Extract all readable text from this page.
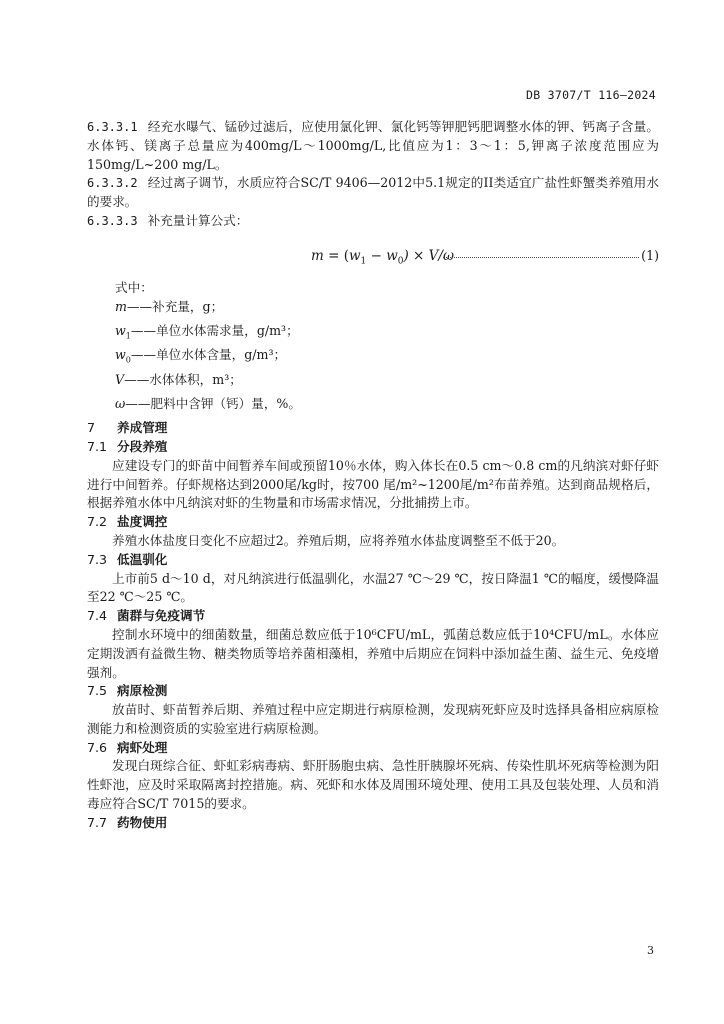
DB 3707/T 116—2024

6.3.3.1 经充水曝气、锰砂过滤后，应使用氯化钾、氯化钙等钾肥钙肥调整水体的钾、钙离子含量。水体钙、镁离子总量应为400mg/L～1000mg/L,比值应为1：3～1：5,钾离子浓度范围应为150mg/L~200 mg/L。

6.3.3.2 经过离子调节，水质应符合SC/T 9406—2012中5.1规定的II类适宜广盐性虾蟹类养殖用水的要求。

6.3.3.3 补充量计算公式：

$m = (w_1 - w_0) \times V/\omega$	(1)

式中：

m——补充量，g；

$w_1——$单位水体需求量，g/m³；

$w_0——$单位水体含量，g/m³；

V——水体体积，m³；

ω——肥料中含钾（钙）量，%。

7 养成管理

7.1 分段养殖

应建设专门的虾苗中间暂养车间或预留10％水体，购入体长在0.5 cm～0.8 cm的凡纳滨对虾仔虾进行中间暂养。仔虾规格达到2000尾/kg时，按700 尾/m²~1200尾/m²布苗养殖。达到商品规格后，根据养殖水体中凡纳滨对虾的生物量和市场需求情况，分批捕捞上市。

7.2 盐度调控

养殖水体盐度日变化不应超过2。养殖后期，应将养殖水体盐度调整至不低于20。

7.3 低温驯化

上市前5 d～10 d，对凡纳滨进行低温驯化，水温27 ℃～29 ℃，按日降温1 ℃的幅度，缓慢降温至22 ℃～25 ℃。

7.4 菌群与免疫调节

控制水环境中的细菌数量，细菌总数应低于10⁶CFU/mL，弧菌总数应低于10⁴CFU/mL。水体应定期泼洒有益微生物、糖类物质等培养菌相藻相，养殖中后期应在饲料中添加益生菌、益生元、免疫增强剂。

7.5 病原检测

放苗时、虾苗暂养后期、养殖过程中应定期进行病原检测，发现病死虾应及时选择具备相应病原检测能力和检测资质的实验室进行病原检测。

7.6 病虾处理

发现白斑综合征、虾虹彩病毒病、虾肝肠胞虫病、急性肝胰腺坏死病、传染性肌坏死病等检测为阳性虾池，应及时采取隔离封控措施。病、死虾和水体及周围环境处理、使用工具及包装处理、人员和消毒应符合SC/T 7015的要求。

7.7 药物使用

3
